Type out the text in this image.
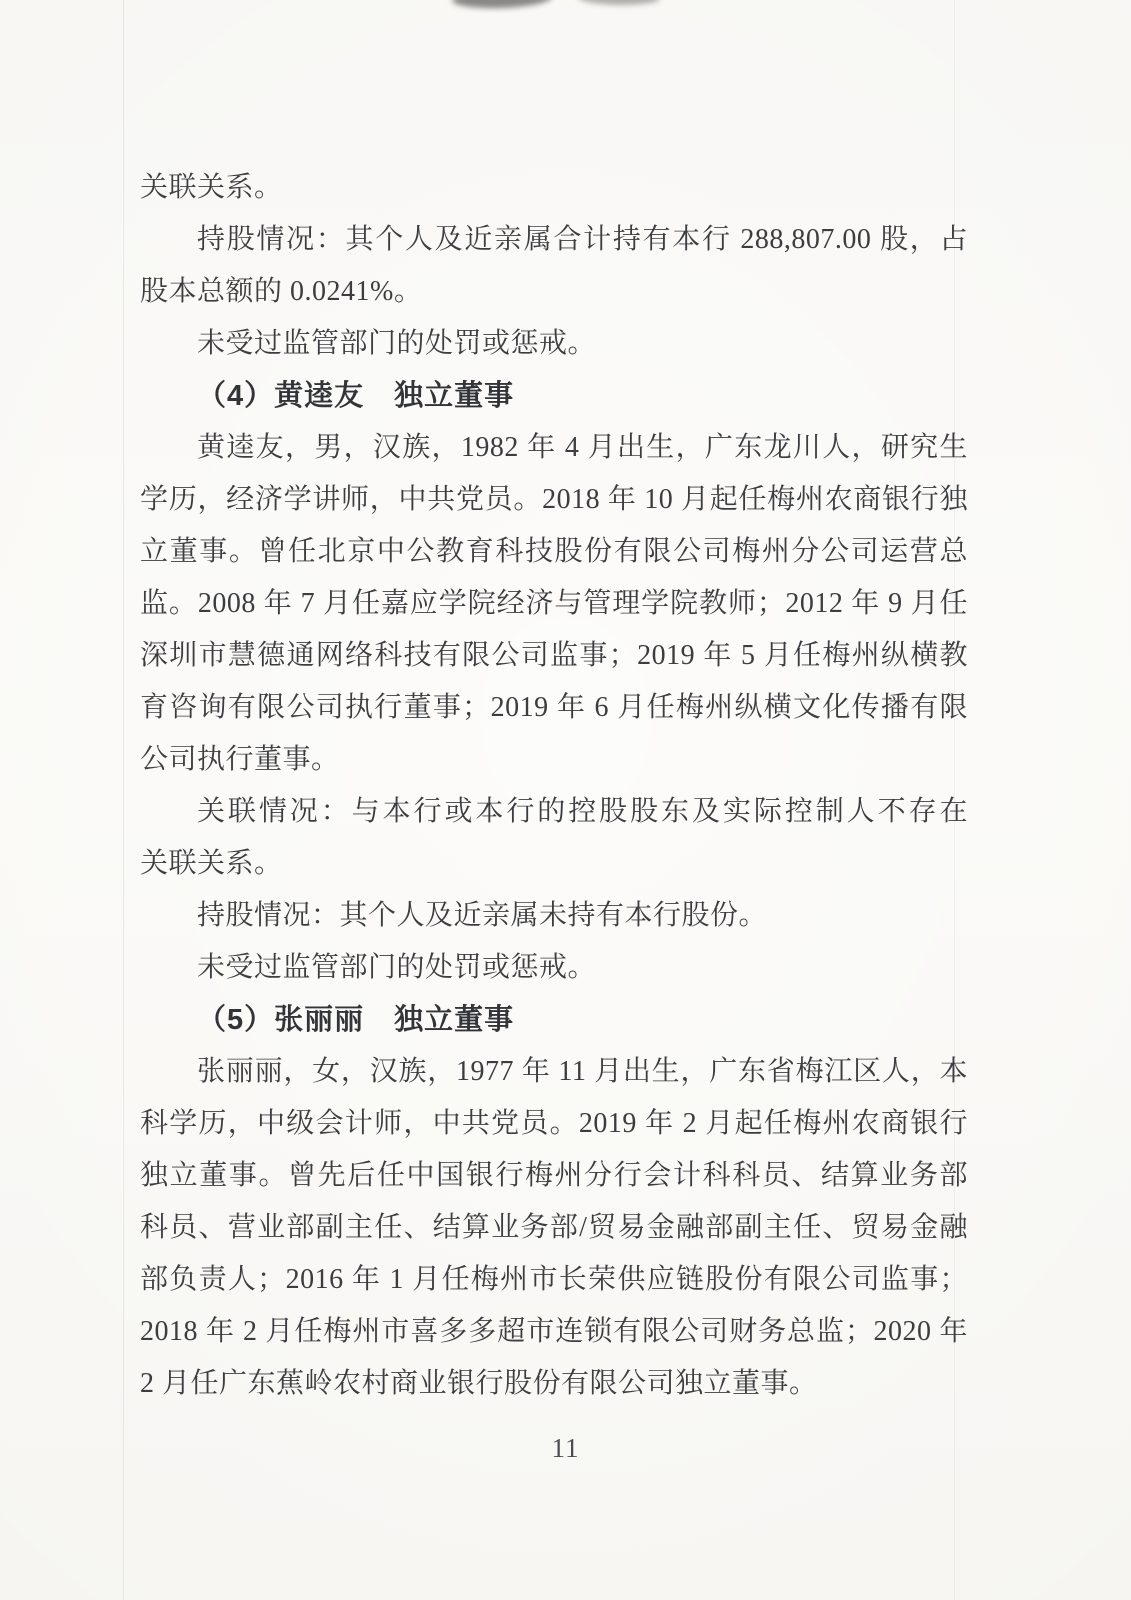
关联关系。
持股情况：其个人及近亲属合计持有本行 288,807.00 股，占
股本总额的 0.0241%。
未受过监管部门的处罚或惩戒。
（4）黄逵友　独立董事
黄逵友，男，汉族，1982 年 4 月出生，广东龙川人，研究生
学历，经济学讲师，中共党员。2018 年 10 月起任梅州农商银行独
立董事。曾任北京中公教育科技股份有限公司梅州分公司运营总
监。2008 年 7 月任嘉应学院经济与管理学院教师；2012 年 9 月任
深圳市慧德通网络科技有限公司监事；2019 年 5 月任梅州纵横教
育咨询有限公司执行董事；2019 年 6 月任梅州纵横文化传播有限
公司执行董事。
关联情况：与本行或本行的控股股东及实际控制人不存在
关联关系。
持股情况：其个人及近亲属未持有本行股份。
未受过监管部门的处罚或惩戒。
（5）张丽丽　独立董事
张丽丽，女，汉族，1977 年 11 月出生，广东省梅江区人，本
科学历，中级会计师，中共党员。2019 年 2 月起任梅州农商银行
独立董事。曾先后任中国银行梅州分行会计科科员、结算业务部
科员、营业部副主任、结算业务部/贸易金融部副主任、贸易金融
部负责人；2016 年 1 月任梅州市长荣供应链股份有限公司监事；
2018 年 2 月任梅州市喜多多超市连锁有限公司财务总监；2020 年
2 月任广东蕉岭农村商业银行股份有限公司独立董事。
11
